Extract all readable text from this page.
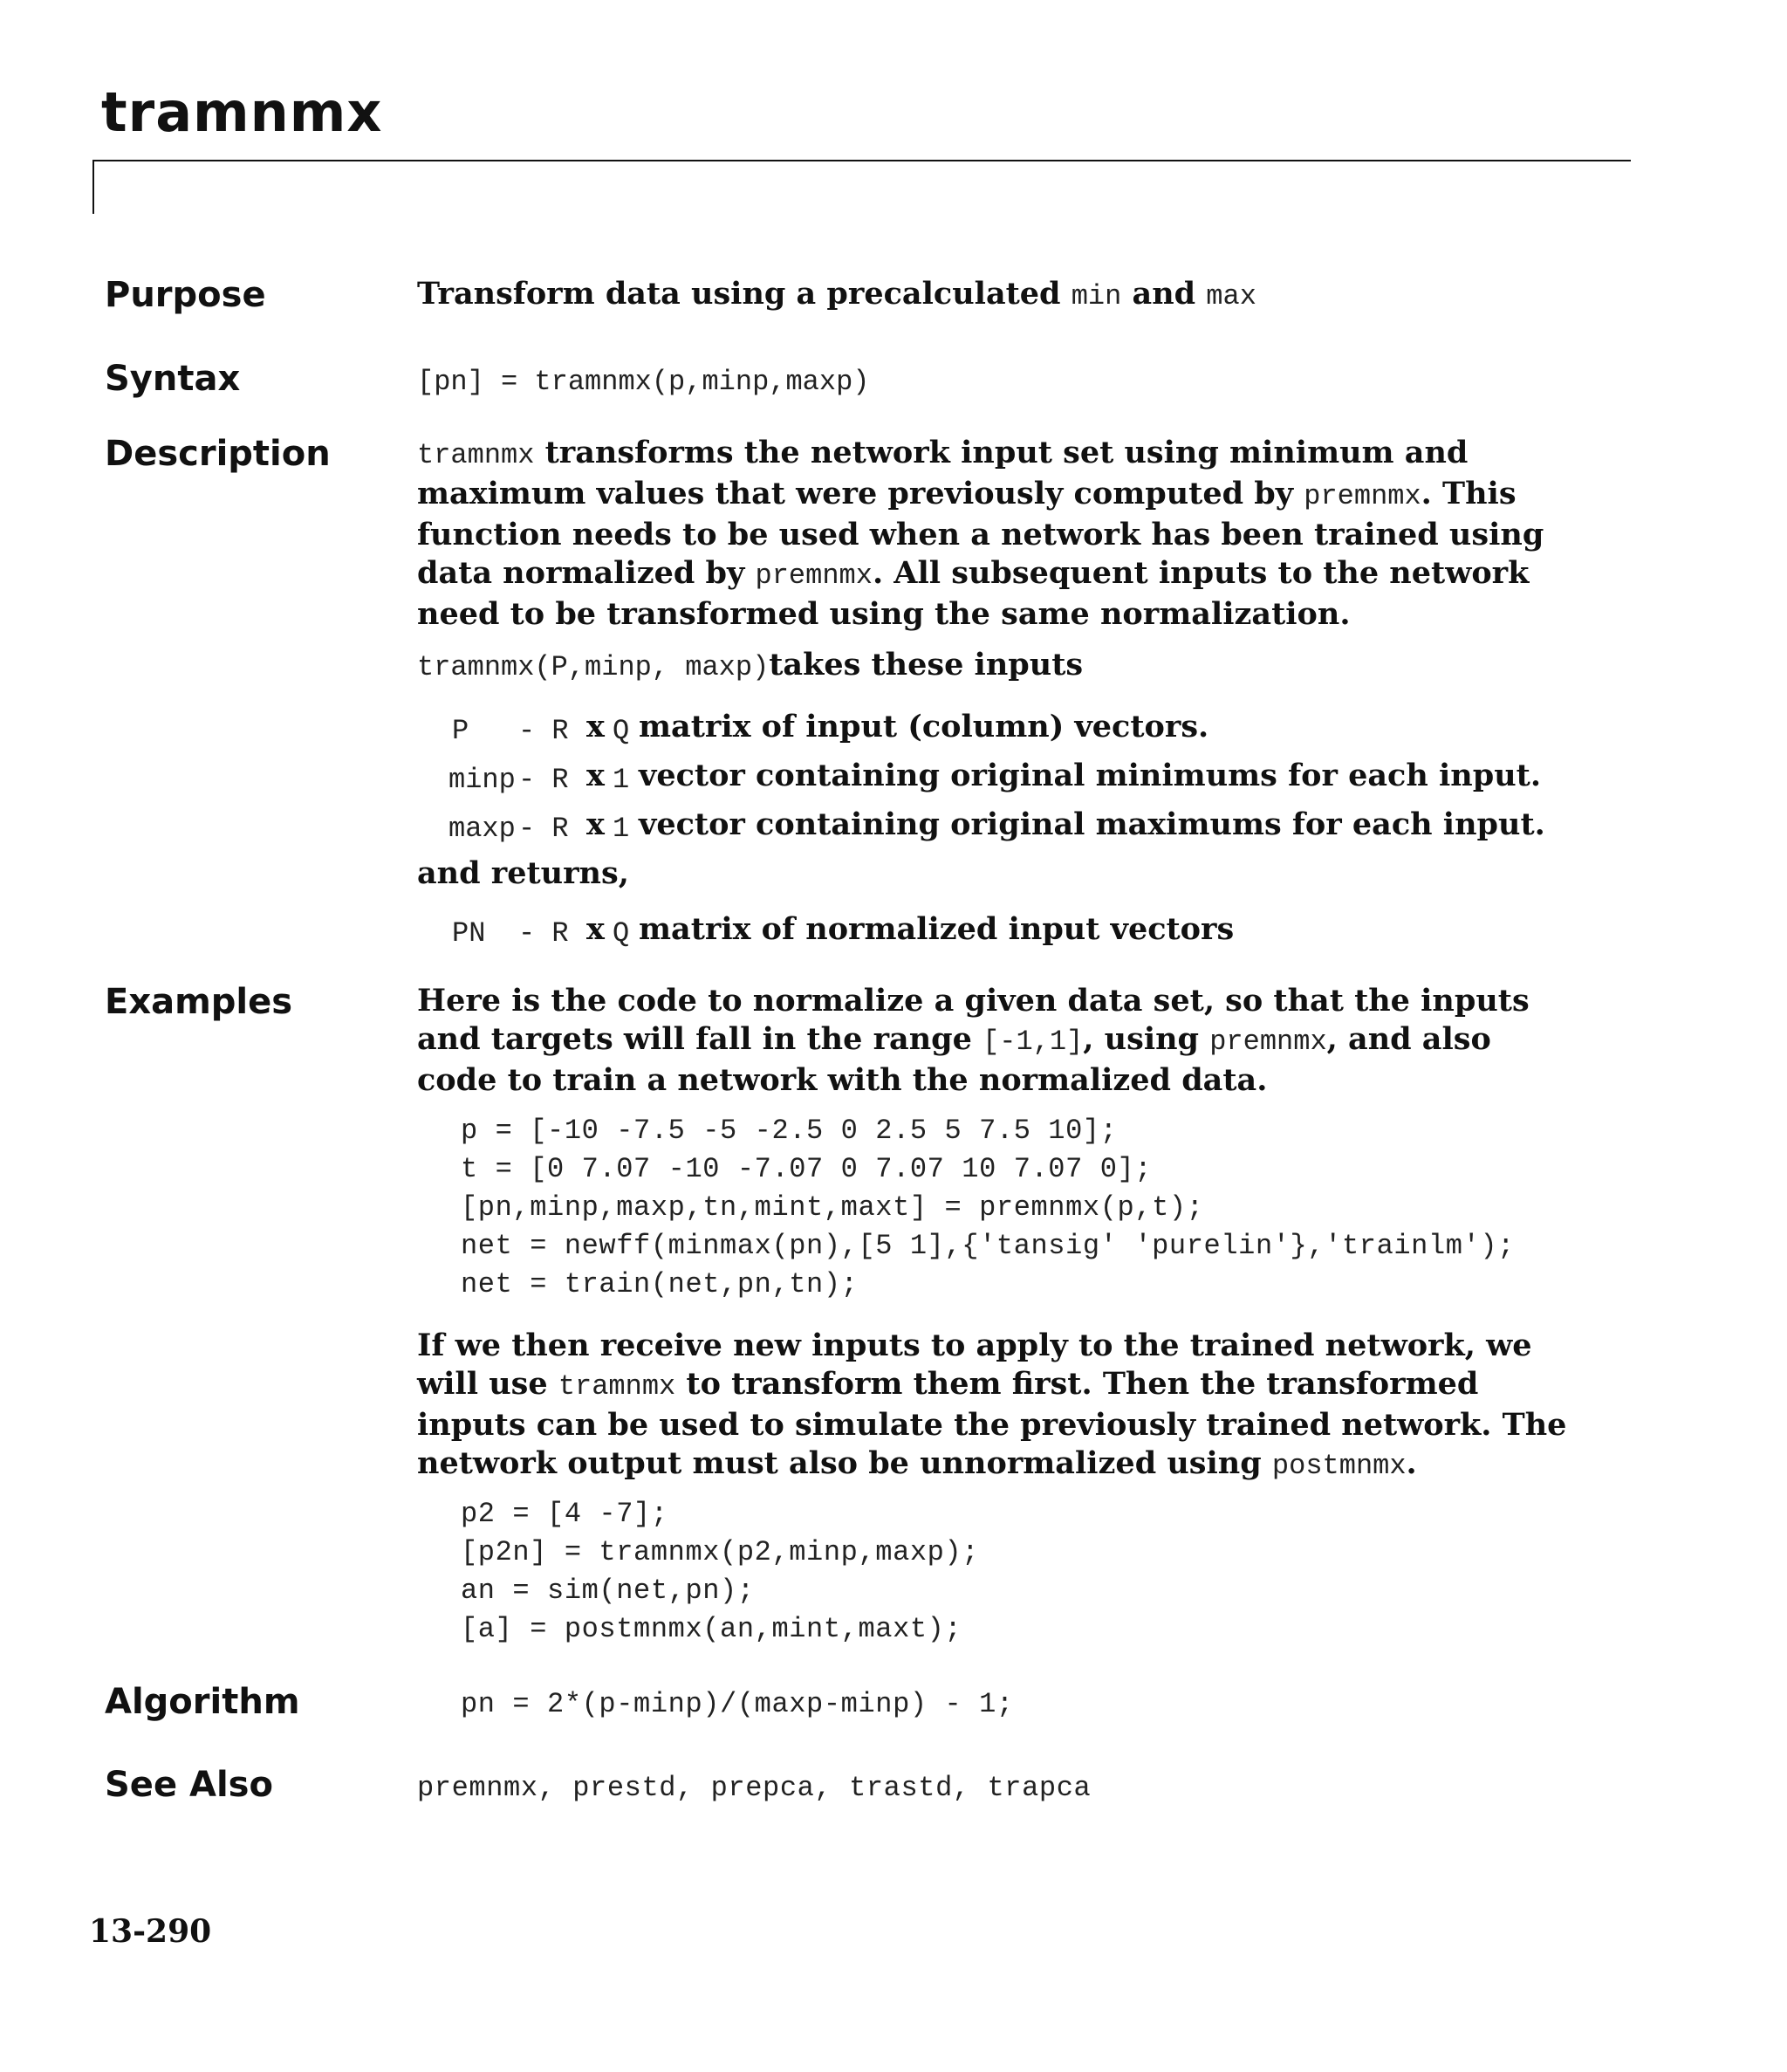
tramnmx
Purpose	Transform data using a precalculated min and max
Syntax	[pn] = tramnmx(p,minp,maxp)
Description	tramnmx transforms the network input set using minimum and maximum values that were previously computed by premnmx. This function needs to be used when a network has been trained using data normalized by premnmx. All subsequent inputs to the network need to be transformed using the same normalization.

tramnmx(P,minp, maxp)takes these inputs
P - R x Q matrix of input (column) vectors.
minp - R x 1 vector containing original minimums for each input.
maxp - R x 1 vector containing original maximums for each input.
and returns,
PN - R x Q matrix of normalized input vectors
Examples	Here is the code to normalize a given data set, so that the inputs and targets will fall in the range [-1,1], using premnmx, and also code to train a network with the normalized data.

p = [-10 -7.5 -5 -2.5 0 2.5 5 7.5 10];
t = [0 7.07 -10 -7.07 0 7.07 10 7.07 0];
[pn,minp,maxp,tn,mint,maxt] = premnmx(p,t);
net = newff(minmax(pn),[5 1],{'tansig' 'purelin'},'trainlm');
net = train(net,pn,tn);

If we then receive new inputs to apply to the trained network, we will use tramnmx to transform them first. Then the transformed inputs can be used to simulate the previously trained network. The network output must also be unnormalized using postmnmx.

p2 = [4 -7];
[p2n] = tramnmx(p2,minp,maxp);
an = sim(net,pn);
[a] = postmnmx(an,mint,maxt);
Algorithm	pn = 2*(p-minp)/(maxp-minp) - 1;
See Also	premnmx, prestd, prepca, trastd, trapca
13-290
